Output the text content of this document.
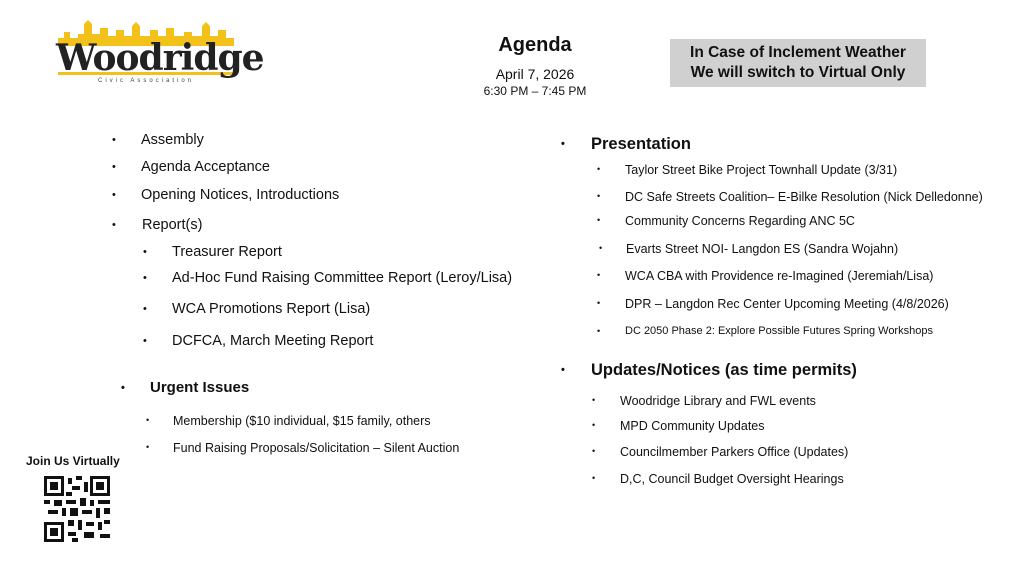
Woodridge
Civic Association
Agenda
April 7, 2026
6:30 PM – 7:45 PM
In Case of Inclement Weather
We will switch to Virtual Only
• Assembly
• Agenda Acceptance
• Opening Notices, Introductions
• Report(s)
• Treasurer Report
• Ad-Hoc Fund Raising Committee Report (Leroy/Lisa)
• WCA Promotions Report (Lisa)
• DCFCA, March Meeting Report
• Urgent Issues
• Membership ($10 individual, $15 family, others
• Fund Raising Proposals/Solicitation – Silent Auction
• Presentation
• Taylor Street Bike Project Townhall Update (3/31)
• DC Safe Streets Coalition– E-Bilke Resolution (Nick Delledonne)
• Community Concerns Regarding ANC 5C
• Evarts Street NOI- Langdon ES (Sandra Wojahn)
• WCA CBA with Providence re-Imagined (Jeremiah/Lisa)
• DPR – Langdon Rec Center Upcoming Meeting (4/8/2026)
• DC 2050 Phase 2: Explore Possible Futures Spring Workshops
• Updates/Notices (as time permits)
• Woodridge Library and FWL events
• MPD Community Updates
• Councilmember Parkers Office (Updates)
• D,C, Council Budget Oversight Hearings
Join Us Virtually
